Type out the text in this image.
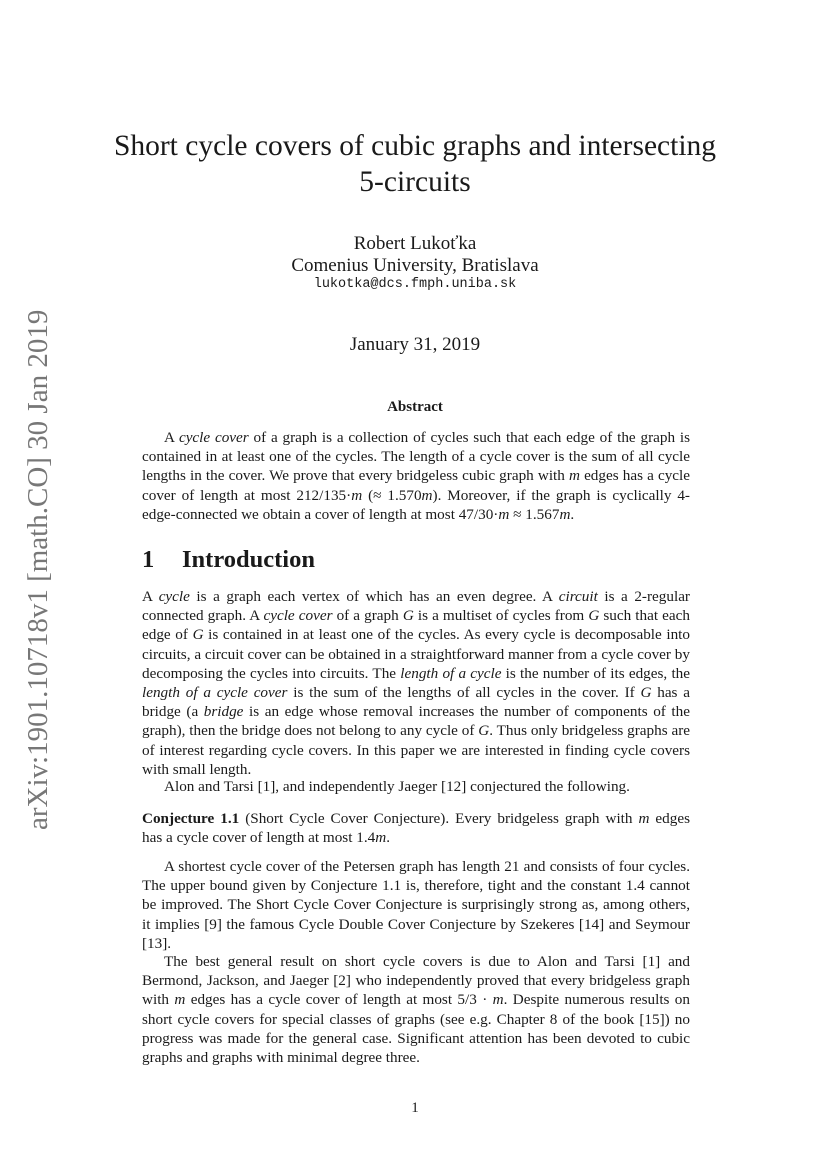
arXiv:1901.10718v1 [math.CO] 30 Jan 2019
Short cycle covers of cubic graphs and intersecting
5-circuits
Robert Lukoťka
Comenius University, Bratislava
lukotka@dcs.fmph.uniba.sk
January 31, 2019
Abstract

A cycle cover of a graph is a collection of cycles such that each edge of the graph is contained in at least one of the cycles. The length of a cycle cover is the sum of all cycle lengths in the cover. We prove that every bridgeless cubic graph with m edges has a cycle cover of length at most 212/135·m (≈ 1.570m). Moreover, if the graph is cyclically 4-edge-connected we obtain a cover of length at most 47/30·m ≈ 1.567m.

1 Introduction

A cycle is a graph each vertex of which has an even degree. A circuit is a 2-regular connected graph. A cycle cover of a graph G is a multiset of cycles from G such that each edge of G is contained in at least one of the cycles. As every cycle is decomposable into circuits, a circuit cover can be obtained in a straightforward manner from a cycle cover by decomposing the cycles into circuits. The length of a cycle is the number of its edges, the length of a cycle cover is the sum of the lengths of all cycles in the cover. If G has a bridge (a bridge is an edge whose removal increases the number of components of the graph), then the bridge does not belong to any cycle of G. Thus only bridgeless graphs are of interest regarding cycle covers. In this paper we are interested in finding cycle covers with small length.

Alon and Tarsi [1], and independently Jaeger [12] conjectured the following.

Conjecture 1.1 (Short Cycle Cover Conjecture). Every bridgeless graph with m edges has a cycle cover of length at most 1.4m.

A shortest cycle cover of the Petersen graph has length 21 and consists of four cycles. The upper bound given by Conjecture 1.1 is, therefore, tight and the constant 1.4 cannot be improved. The Short Cycle Cover Conjecture is surprisingly strong as, among others, it implies [9] the famous Cycle Double Cover Conjecture by Szekeres [14] and Seymour [13].

The best general result on short cycle covers is due to Alon and Tarsi [1] and Bermond, Jackson, and Jaeger [2] who independently proved that every bridgeless graph with m edges has a cycle cover of length at most 5/3 · m. Despite numerous results on short cycle covers for special classes of graphs (see e.g. Chapter 8 of the book [15]) no progress was made for the general case. Significant attention has been devoted to cubic graphs and graphs with minimal degree three.

1
